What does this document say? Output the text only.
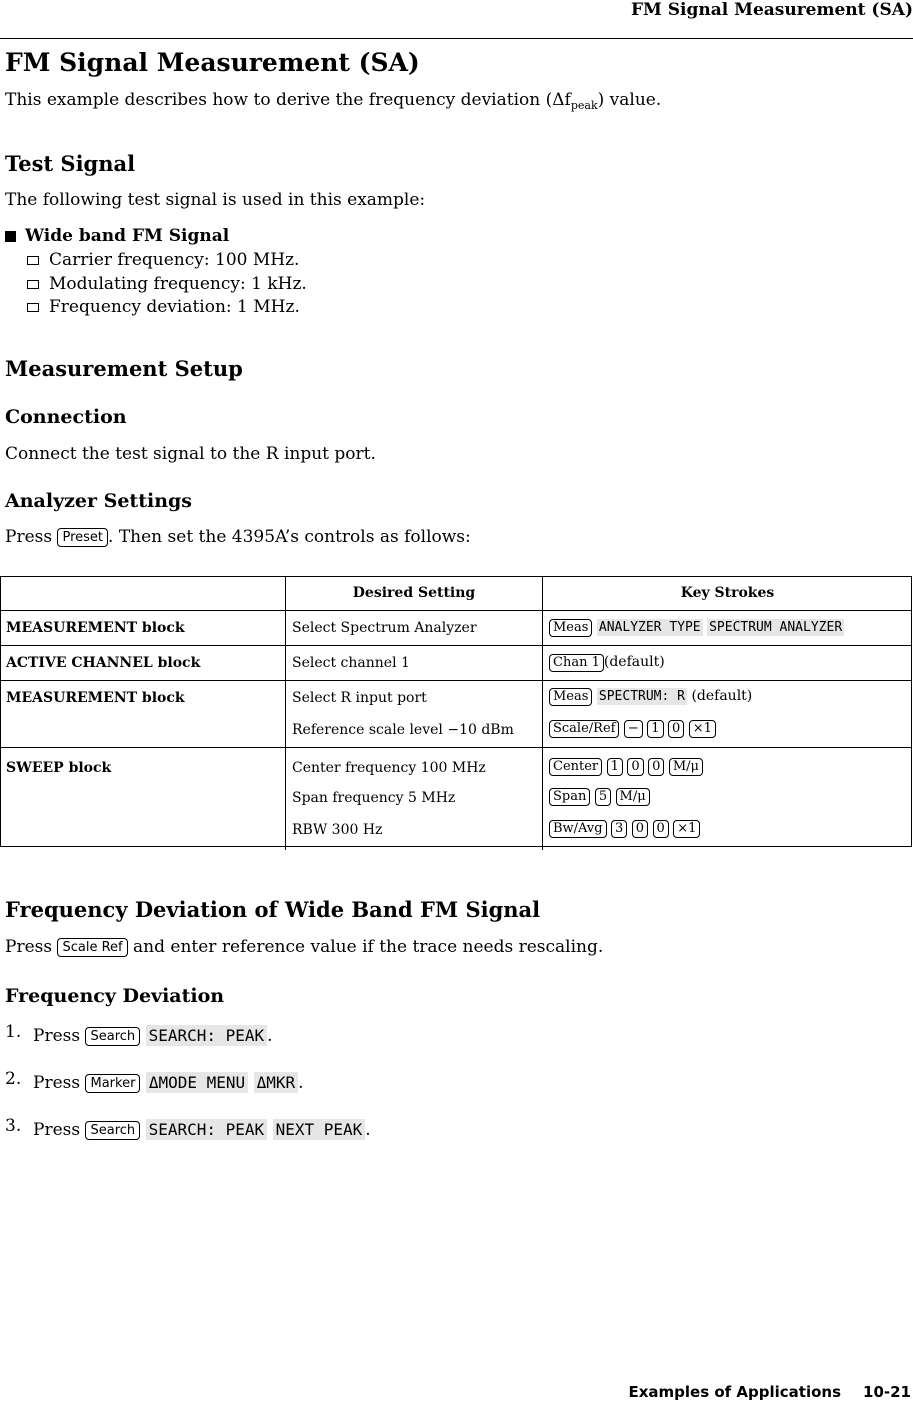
FM Signal Measurement (SA)
FM Signal Measurement (SA)
This example describes how to derive the frequency deviation $(\Delta f_{peak})$ value.
Test Signal
The following test signal is used in this example:
Wide band FM Signal
Carrier frequency: 100 MHz.
Modulating frequency: 1 kHz.
Frequency deviation: 1 MHz.
Measurement Setup
Connection
Connect the test signal to the R input port.
Analyzer Settings
Press Preset . Then set the 4395A’s controls as follows:
	Desired Setting	Key Strokes
MEASUREMENT block	Select Spectrum Analyzer	Meas ANALYZER TYPE SPECTRUM ANALYZER
ACTIVE CHANNEL block	Select channel 1	Chan 1 (default)
MEASUREMENT block	Select R input port	Meas SPECTRUM: R (default)
	Reference scale level −10 dBm	Scale/Ref − 1 0 ×1
SWEEP block	Center frequency 100 MHz	Center 1 0 0 M/μ
	Span frequency 5 MHz	Span 5 M/μ
	RBW 300 Hz	Bw/Avg 3 0 0 ×1
Frequency Deviation of Wide Band FM Signal
Press Scale Ref and enter reference value if the trace needs rescaling.
Frequency Deviation
1. Press Search SEARCH: PEAK .
2. Press Marker ΔMODE MENU ΔMKR .
3. Press Search SEARCH: PEAK NEXT PEAK .
Examples of Applications 10-21
